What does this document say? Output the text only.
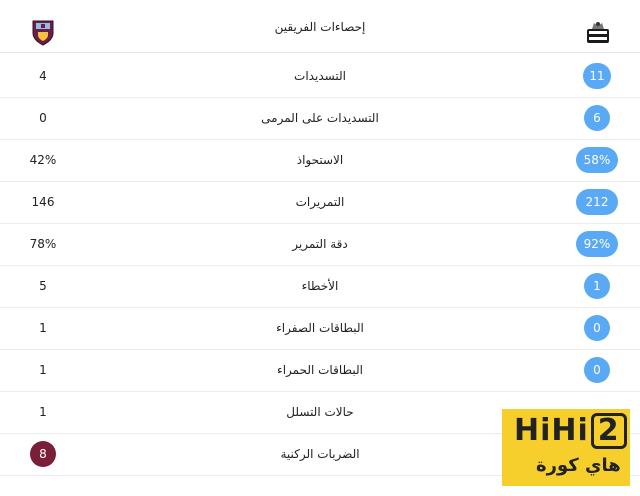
إحصاءات الفريقين
4	التسديدات	11
0	التسديدات على المرمى	6
42%	الاستحواذ	58%
146	التمريرات	212
78%	دقة التمرير	92%
5	الأخطاء	1
1	البطاقات الصفراء	0
1	البطاقات الحمراء	0
1	حالات التسلل
8	الضربات الركنية
HiHi 2
هاي كورة
